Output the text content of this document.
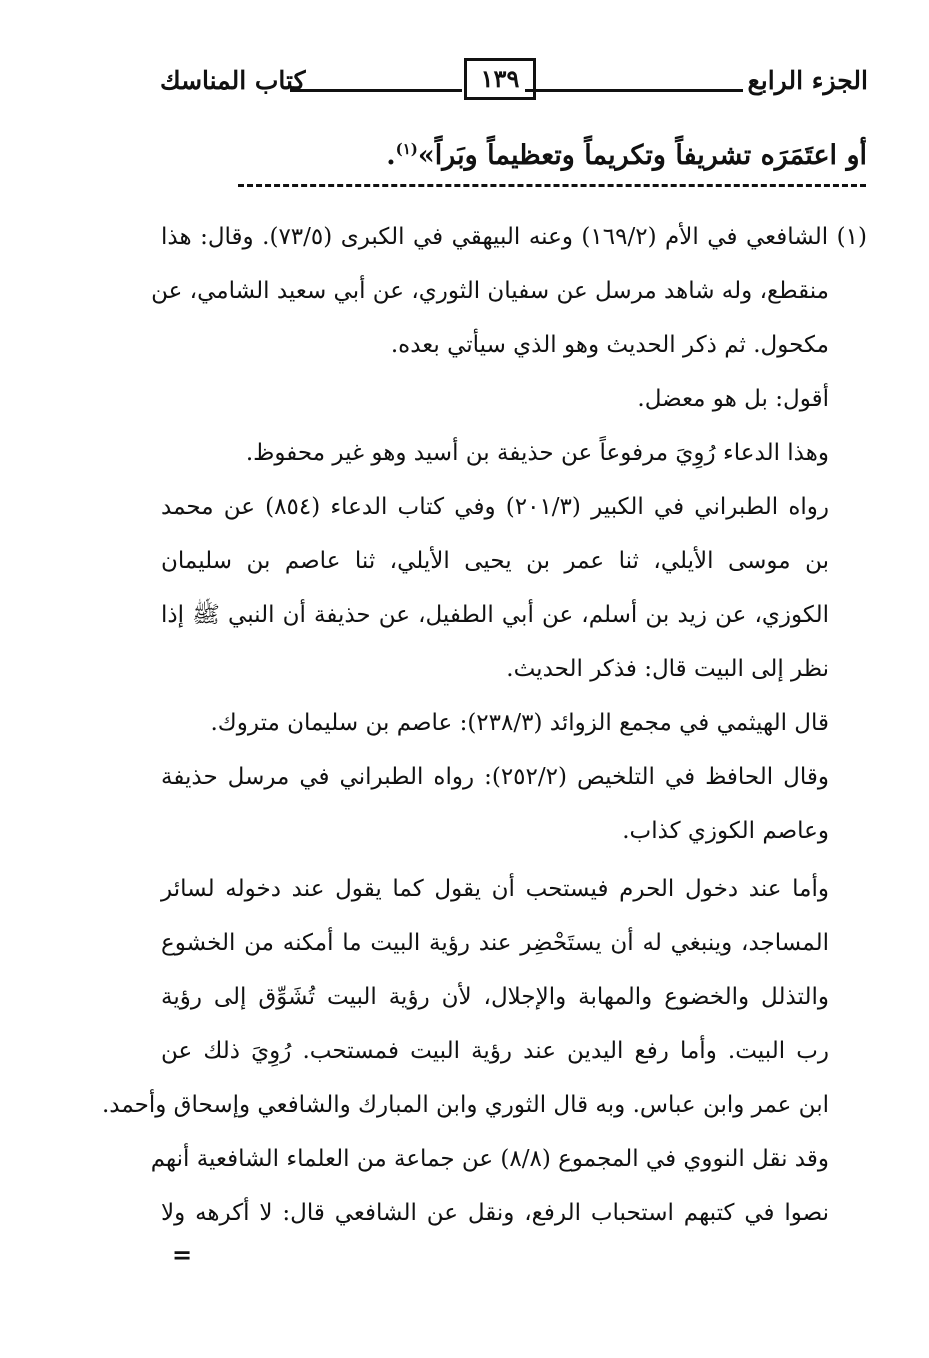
الجزء الرابع
١٣٩
كتاب المناسك
أو اعتَمَرَه تشريفاً وتكريماً وتعظيماً وبَراً»$^{(١)}$.
(١) الشافعي في الأم (١٦٩/٢) وعنه البيهقي في الكبرى (٧٣/٥). وقال: هذا
منقطع، وله شاهد مرسل عن سفيان الثوري، عن أبي سعيد الشامي، عن
مكحول. ثم ذكر الحديث وهو الذي سيأتي بعده.
أقول: بل هو معضل.
وهذا الدعاء رُوِيَ مرفوعاً عن حذيفة بن أسيد وهو غير محفوظ.
رواه الطبراني في الكبير (٢٠١/٣) وفي كتاب الدعاء (٨٥٤) عن محمد
بن موسى الأيلي، ثنا عمر بن يحيى الأيلي، ثنا عاصم بن سليمان
الكوزي، عن زيد بن أسلم، عن أبي الطفيل، عن حذيفة أن النبي ﷺ إذا
نظر إلى البيت قال: فذكر الحديث.
قال الهيثمي في مجمع الزوائد (٢٣٨/٣): عاصم بن سليمان متروك.
وقال الحافظ في التلخيص (٢٥٢/٢): رواه الطبراني في مرسل حذيفة
وعاصم الكوزي كذاب.
وأما عند دخول الحرم فيستحب أن يقول كما يقول عند دخوله لسائر
المساجد، وينبغي له أن يستَحْضِر عند رؤية البيت ما أمكنه من الخشوع
والتذلل والخضوع والمهابة والإجلال، لأن رؤية البيت تُشَوِّق إلى رؤية
رب البيت. وأما رفع اليدين عند رؤية البيت فمستحب. رُوِيَ ذلك عن
ابن عمر وابن عباس. وبه قال الثوري وابن المبارك والشافعي وإسحاق وأحمد.
وقد نقل النووي في المجموع (٨/٨) عن جماعة من العلماء الشافعية أنهم
نصوا في كتبهم استحباب الرفع، ونقل عن الشافعي قال: لا أكرهه ولا
=
